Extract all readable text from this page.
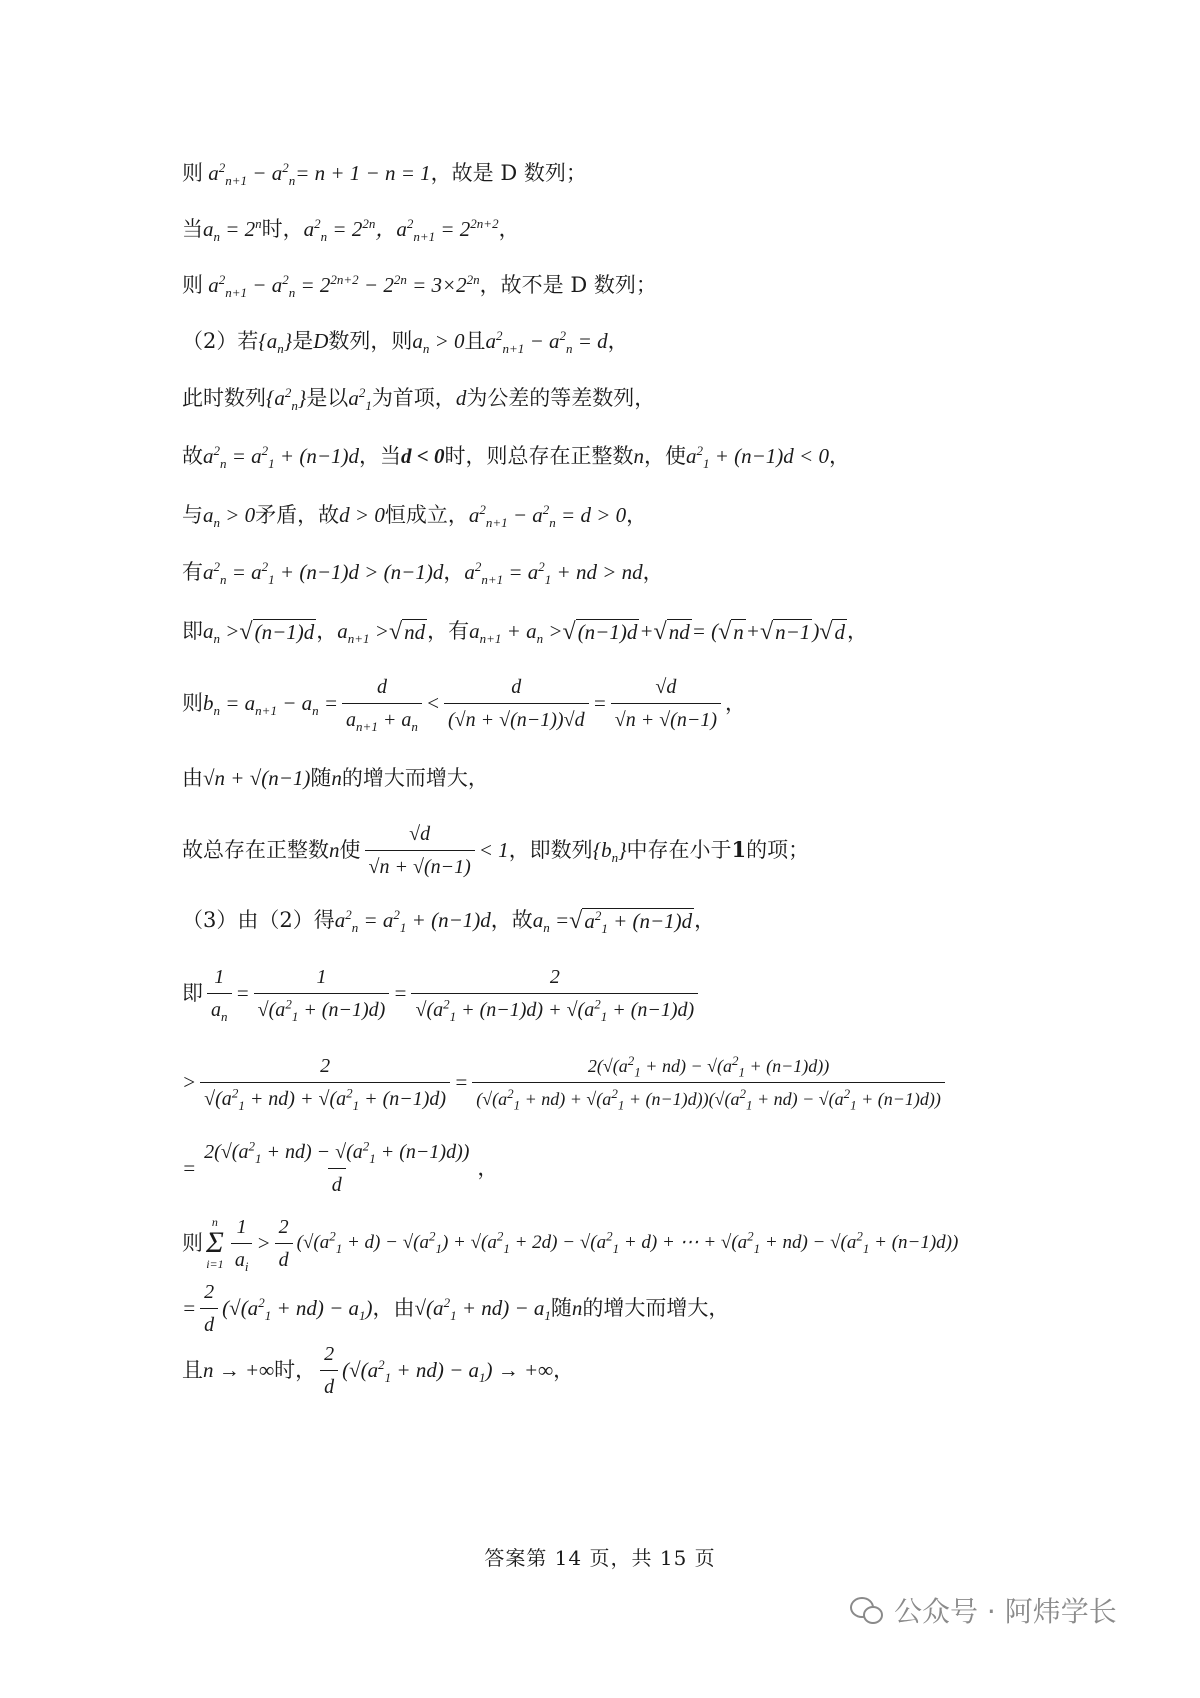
则 $a^2_{n+1} - a^2_n = n + 1 - n = 1$ ，故是 D 数列；
当 $a_n = 2^n$ 时， $a^2_n = 2^{2n}$，$a^2_{n+1} = 2^{2n+2}$ ，
则 $a^2_{n+1} - a^2_n = 2^{2n+2} - 2^{2n} = 3\times 2^{2n}$ ，故不是 D 数列；
（2）若 $\{a_n\}$ 是 D 数列，则 $a_n > 0$ 且 $a^2_{n+1} - a^2_n = d$ ，
此时数列 $\{a^2_n\}$ 是以 $a^2_1$ 为首项， d 为公差的等差数列，
故 $a^2_n = a^2_1 + (n-1)d$ ，当 d < 0 时，则总存在正整数 n ，使 $a^2_1 + (n-1)d < 0$ ，
与 $a_n > 0$ 矛盾，故 d > 0 恒成立， $a^2_{n+1} - a^2_n = d > 0$ ，
有 $a^2_n = a^2_1 + (n-1)d > (n-1)d$ ， $a^2_{n+1} = a^2_1$ + nd > nd ，
即 $a_n$ > √ (n−1)d ， $a_{n+1}$ > √ nd ，有 $a_{n+1} + a_n$ > √ (n−1)d + √ nd = ( √ n + √ n−1 ) √ d ，
则 $b_n = a_{n+1} - a_n = \frac{d}{a_{n+1} + a_n} < \frac{d}{(√n + √(n-1))√d} = \frac{√d}{√n + √(n-1)}$ ，
由 √n + √(n−1) 随 n 的增大而增大，
故总存在正整数 n 使 $\frac{√d}{√n + √(n-1)} < 1$ ，即数列 $\{b_n\}$ 中存在小于 1 的项；
（3）由（2）得 $a^2_n = a^2_1 + (n-1)d$ ，故 $a_n$ = √ $a^2_1 + (n-1)d$ ，
即 $\frac{1}{a_n} = \frac{1}{√(a^2_1 + (n-1)d)} = \frac{2}{√(a^2_1 + (n-1)d) + √(a^2_1 + (n-1)d)}$
> $\frac{2}{√(a^2_1 + nd) + √(a^2_1 + (n-1)d)}$ =
$2(√(a^2_1 + nd) - √(a^2_1 + (n-1)d))$
$(√(a^2_1 + nd) + √(a^2_1 + (n-1)d))(√(a^2_1 + nd) - √(a^2_1 + (n-1)d))$
= $\frac{2(√(a^2_1 + nd) - √(a^2_1 + (n-1)d))}{d}$ ，
则
n
Σ
$i=1 \frac{1}{a_i} > \frac{2}{d} (√(a^2_1 + d) - √(a^2_1) + √(a^2_1 + 2d) - √(a^2_1 + d)$ + ⋯ + $√(a^2_1 + nd) - √(a^2_1 + (n-1)d)$)
= $\frac{2}{d} (√(a^2_1 + nd) - a_1)$ ，由 $√(a^2_1 + nd) - a_1$ 随 n 的增大而增大，
且 n → +∞ 时， $\frac{2}{d} (√(a^2_1 + nd) - a_1)$ → +∞ ，
答案第 14 页，共 15 页
公众号 · 阿炜学长
